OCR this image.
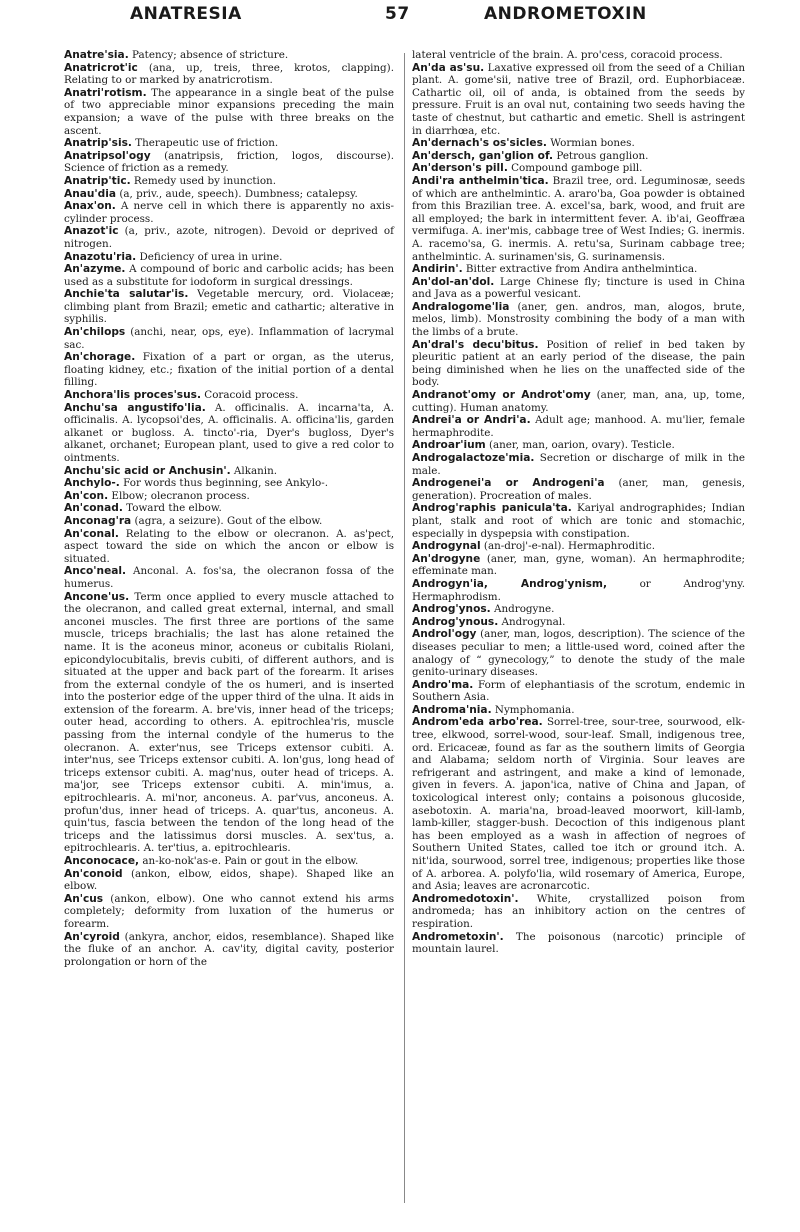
ANATRESIA	57	ANDROMETOXIN

Anatre'sia. Patency; absence of stricture.

Anatricrot'ic (ana, up, treis, three, krotos, clapping). Relating to or marked by anatricrotism.

Anatri'rotism. The appearance in a single beat of the pulse of two appreciable minor expansions preceding the main expansion; a wave of the pulse with three breaks on the ascent.

Anatrip'sis. Therapeutic use of friction.

Anatripsol'ogy (anatripsis, friction, logos, discourse). Science of friction as a remedy.

Anatrip'tic. Remedy used by inunction.

Anau'dia (a, priv., aude, speech). Dumbness; catalepsy.

Anax'on. A nerve cell in which there is apparently no axis-cylinder process.

Anazot'ic (a, priv., azote, nitrogen). Devoid or deprived of nitrogen.

Anazotu'ria. Deficiency of urea in urine.

An'azyme. A compound of boric and carbolic acids; has been used as a substitute for iodoform in surgical dressings.

Anchie'ta salutar'is. Vegetable mercury, ord. Violaceæ; climbing plant from Brazil; emetic and cathartic; alterative in syphilis.

An'chilops (anchi, near, ops, eye). Inflammation of lacrymal sac.

An'chorage. Fixation of a part or organ, as the uterus, floating kidney, etc.; fixation of the initial portion of a dental filling.

Anchora'lis proces'sus. Coracoid process.

Anchu'sa angustifo'lia. A. officinalis. A. incarna'ta, A. officinalis. A. lycopsoi'des, A. officinalis. A. officina'lis, garden alkanet or bugloss. A. tincto'-ria, Dyer's bugloss, Dyer's alkanet, orchanet; European plant, used to give a red color to ointments.

Anchu'sic acid or Anchusin'. Alkanin.

Anchylo-. For words thus beginning, see Ankylo-.

An'con. Elbow; olecranon process.

An'conad. Toward the elbow.

Anconag'ra (agra, a seizure). Gout of the elbow.

An'conal. Relating to the elbow or olecranon. A. as'pect, aspect toward the side on which the ancon or elbow is situated.

Anco'neal. Anconal. A. fos'sa, the olecranon fossa of the humerus.

Ancone'us. Term once applied to every muscle attached to the olecranon, and called great external, internal, and small anconei muscles. The first three are portions of the same muscle, triceps brachialis; the last has alone retained the name. It is the aconeus minor, aconeus or cubitalis Riolani, epicondylocubitalis, brevis cubiti, of different authors, and is situated at the upper and back part of the forearm. It arises from the external condyle of the os humeri, and is inserted into the posterior edge of the upper third of the ulna. It aids in extension of the forearm. A. bre'vis, inner head of the triceps; outer head, according to others. A. epitrochlea'ris, muscle passing from the internal condyle of the humerus to the olecranon. A. exter'nus, see Triceps extensor cubiti. A. inter'nus, see Triceps extensor cubiti. A. lon'gus, long head of triceps extensor cubiti. A. mag'nus, outer head of triceps. A. ma'jor, see Triceps extensor cubiti. A. min'imus, a. epitrochlearis. A. mi'nor, anconeus. A. par'vus, anconeus. A. profun'dus, inner head of triceps. A. quar'tus, anconeus. A. quin'tus, fascia between the tendon of the long head of the triceps and the latissimus dorsi muscles. A. sex'tus, a. epitrochlearis. A. ter'tius, a. epitrochlearis.

Anconocace, an-ko-nok'as-e. Pain or gout in the elbow.

An'conoid (ankon, elbow, eidos, shape). Shaped like an elbow.

An'cus (ankon, elbow). One who cannot extend his arms completely; deformity from luxation of the humerus or forearm.

An'cyroid (ankyra, anchor, eidos, resemblance). Shaped like the fluke of an anchor. A. cav'ity, digital cavity, posterior prolongation or horn of the

lateral ventricle of the brain. A. pro'cess, coracoid process.

An'da as'su. Laxative expressed oil from the seed of a Chilian plant. A. gome'sii, native tree of Brazil, ord. Euphorbiaceæ. Cathartic oil, oil of anda, is obtained from the seeds by pressure. Fruit is an oval nut, containing two seeds having the taste of chestnut, but cathartic and emetic. Shell is astringent in diarrhœa, etc.

An'dernach's os'sicles. Wormian bones.

An'dersch, gan'glion of. Petrous ganglion.

An'derson's pill. Compound gamboge pill.

Andi'ra anthelmin'tica. Brazil tree, ord. Leguminosæ, seeds of which are anthelmintic. A. araro'ba, Goa powder is obtained from this Brazilian tree. A. excel'sa, bark, wood, and fruit are all employed; the bark in intermittent fever. A. ib'ai, Geoffræa vermifuga. A. iner'mis, cabbage tree of West Indies; G. inermis. A. racemo'sa, G. inermis. A. retu'sa, Surinam cabbage tree; anthelmintic. A. surinamen'sis, G. surinamensis.

Andirin'. Bitter extractive from Andira anthelmintica.

An'dol-an'dol. Large Chinese fly; tincture is used in China and Java as a powerful vesicant.

Andralogome'lia (aner, gen. andros, man, alogos, brute, melos, limb). Monstrosity combining the body of a man with the limbs of a brute.

An'dral's decu'bitus. Position of relief in bed taken by pleuritic patient at an early period of the disease, the pain being diminished when he lies on the unaffected side of the body.

Andranot'omy or Androt'omy (aner, man, ana, up, tome, cutting). Human anatomy.

Andrei'a or Andri'a. Adult age; manhood. A. mu'lier, female hermaphrodite.

Androar'ium (aner, man, oarion, ovary). Testicle.

Androgalactoze'mia. Secretion or discharge of milk in the male.

Androgenei'a or Androgeni'a (aner, man, genesis, generation). Procreation of males.

Androg'raphis panicula'ta. Kariyal andrographides; Indian plant, stalk and root of which are tonic and stomachic, especially in dyspepsia with constipation.

Androgynal (an-droj'-e-nal). Hermaphroditic.

An'drogyne (aner, man, gyne, woman). An hermaphrodite; effeminate man.

Androgyn'ia, Androg'ynism, or Androg'yny. Hermaphrodism.

Androg'ynos. Androgyne.

Androg'ynous. Androgynal.

Androl'ogy (aner, man, logos, description). The science of the diseases peculiar to men; a little-used word, coined after the analogy of “ gynecology,” to denote the study of the male genito-urinary diseases.

Andro'ma. Form of elephantiasis of the scrotum, endemic in Southern Asia.

Androma'nia. Nymphomania.

Androm'eda arbo'rea. Sorrel-tree, sour-tree, sourwood, elk-tree, elkwood, sorrel-wood, sour-leaf. Small, indigenous tree, ord. Ericaceæ, found as far as the southern limits of Georgia and Alabama; seldom north of Virginia. Sour leaves are refrigerant and astringent, and make a kind of lemonade, given in fevers. A. japon'ica, native of China and Japan, of toxicological interest only; contains a poisonous glucoside, asebotoxin. A. maria'na, broad-leaved moorwort, kill-lamb, lamb-killer, stagger-bush. Decoction of this indigenous plant has been employed as a wash in affection of negroes of Southern United States, called toe itch or ground itch. A. nit'ida, sourwood, sorrel tree, indigenous; properties like those of A. arborea. A. polyfo'lia, wild rosemary of America, Europe, and Asia; leaves are acronarcotic.

Andromedotoxin'. White, crystallized poison from andromeda; has an inhibitory action on the centres of respiration.

Andrometoxin'. The poisonous (narcotic) principle of mountain laurel.
